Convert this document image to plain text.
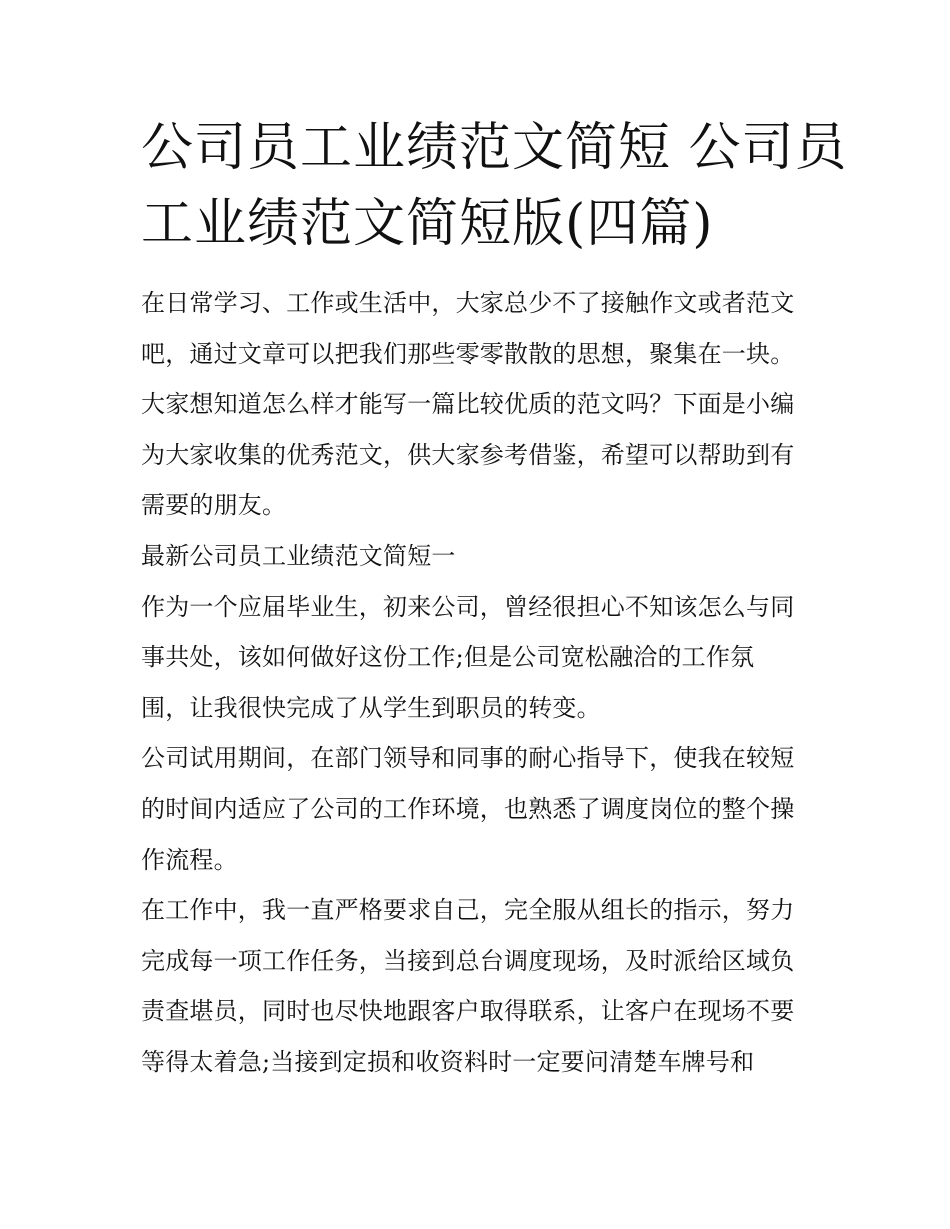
公司员工业绩范文简短 公司员
工业绩范文简短版(四篇)
在日常学习、工作或生活中，大家总少不了接触作文或者范文
吧，通过文章可以把我们那些零零散散的思想，聚集在一块。
大家想知道怎么样才能写一篇比较优质的范文吗？下面是小编
为大家收集的优秀范文，供大家参考借鉴，希望可以帮助到有
需要的朋友。
最新公司员工业绩范文简短一
作为一个应届毕业生，初来公司，曾经很担心不知该怎么与同
事共处，该如何做好这份工作;但是公司宽松融洽的工作氛
围，让我很快完成了从学生到职员的转变。
公司试用期间，在部门领导和同事的耐心指导下，使我在较短
的时间内适应了公司的工作环境，也熟悉了调度岗位的整个操
作流程。
在工作中，我一直严格要求自己，完全服从组长的指示，努力
完成每一项工作任务，当接到总台调度现场，及时派给区域负
责查堪员，同时也尽快地跟客户取得联系，让客户在现场不要
等得太着急;当接到定损和收资料时一定要问清楚车牌号和
